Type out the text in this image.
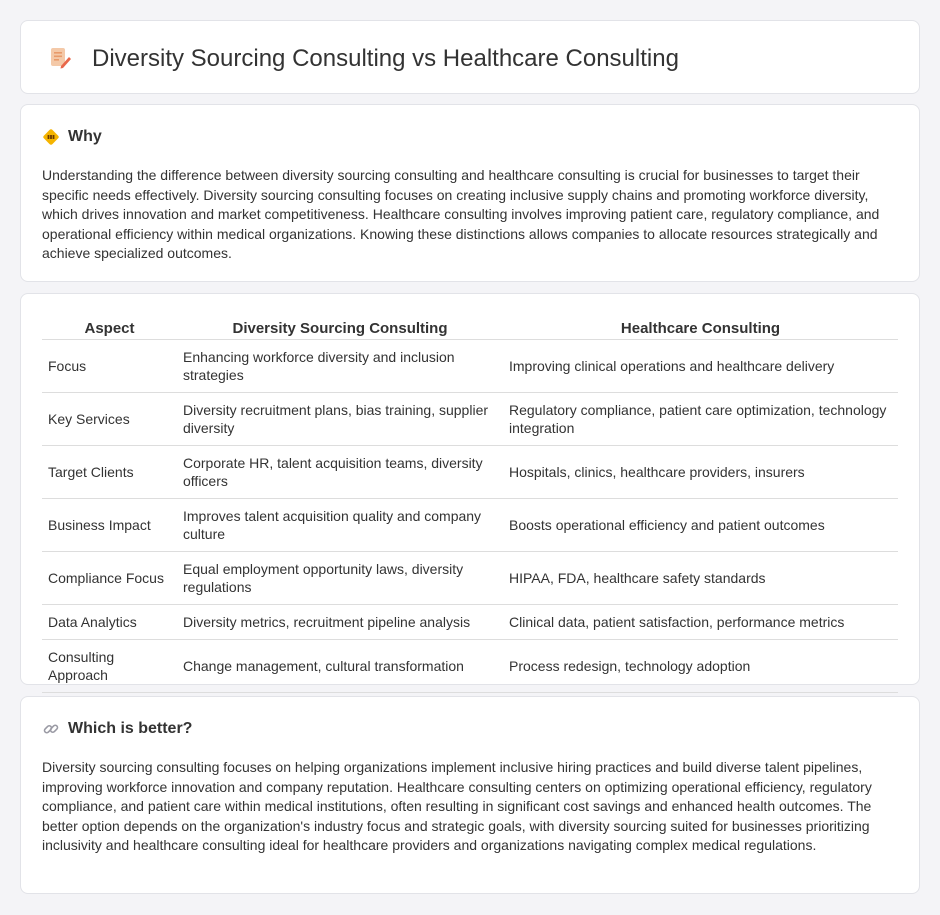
Diversity Sourcing Consulting vs Healthcare Consulting
Why

Understanding the difference between diversity sourcing consulting and healthcare consulting is crucial for businesses to target their specific needs effectively. Diversity sourcing consulting focuses on creating inclusive supply chains and promoting workforce diversity, which drives innovation and market competitiveness. Healthcare consulting involves improving patient care, regulatory compliance, and operational efficiency within medical organizations. Knowing these distinctions allows companies to allocate resources strategically and achieve specialized outcomes.

Aspect	Diversity Sourcing Consulting	Healthcare Consulting
Focus	Enhancing workforce diversity and inclusion strategies	Improving clinical operations and healthcare delivery
Key Services	Diversity recruitment plans, bias training, supplier diversity	Regulatory compliance, patient care optimization, technology integration
Target Clients	Corporate HR, talent acquisition teams, diversity officers	Hospitals, clinics, healthcare providers, insurers
Business Impact	Improves talent acquisition quality and company culture	Boosts operational efficiency and patient outcomes
Compliance Focus	Equal employment opportunity laws, diversity regulations	HIPAA, FDA, healthcare safety standards
Data Analytics	Diversity metrics, recruitment pipeline analysis	Clinical data, patient satisfaction, performance metrics
Consulting Approach	Change management, cultural transformation	Process redesign, technology adoption
Which is better?

Diversity sourcing consulting focuses on helping organizations implement inclusive hiring practices and build diverse talent pipelines, improving workforce innovation and company reputation. Healthcare consulting centers on optimizing operational efficiency, regulatory compliance, and patient care within medical institutions, often resulting in significant cost savings and enhanced health outcomes. The better option depends on the organization's industry focus and strategic goals, with diversity sourcing suited for businesses prioritizing inclusivity and healthcare consulting ideal for healthcare providers and organizations navigating complex medical regulations.
